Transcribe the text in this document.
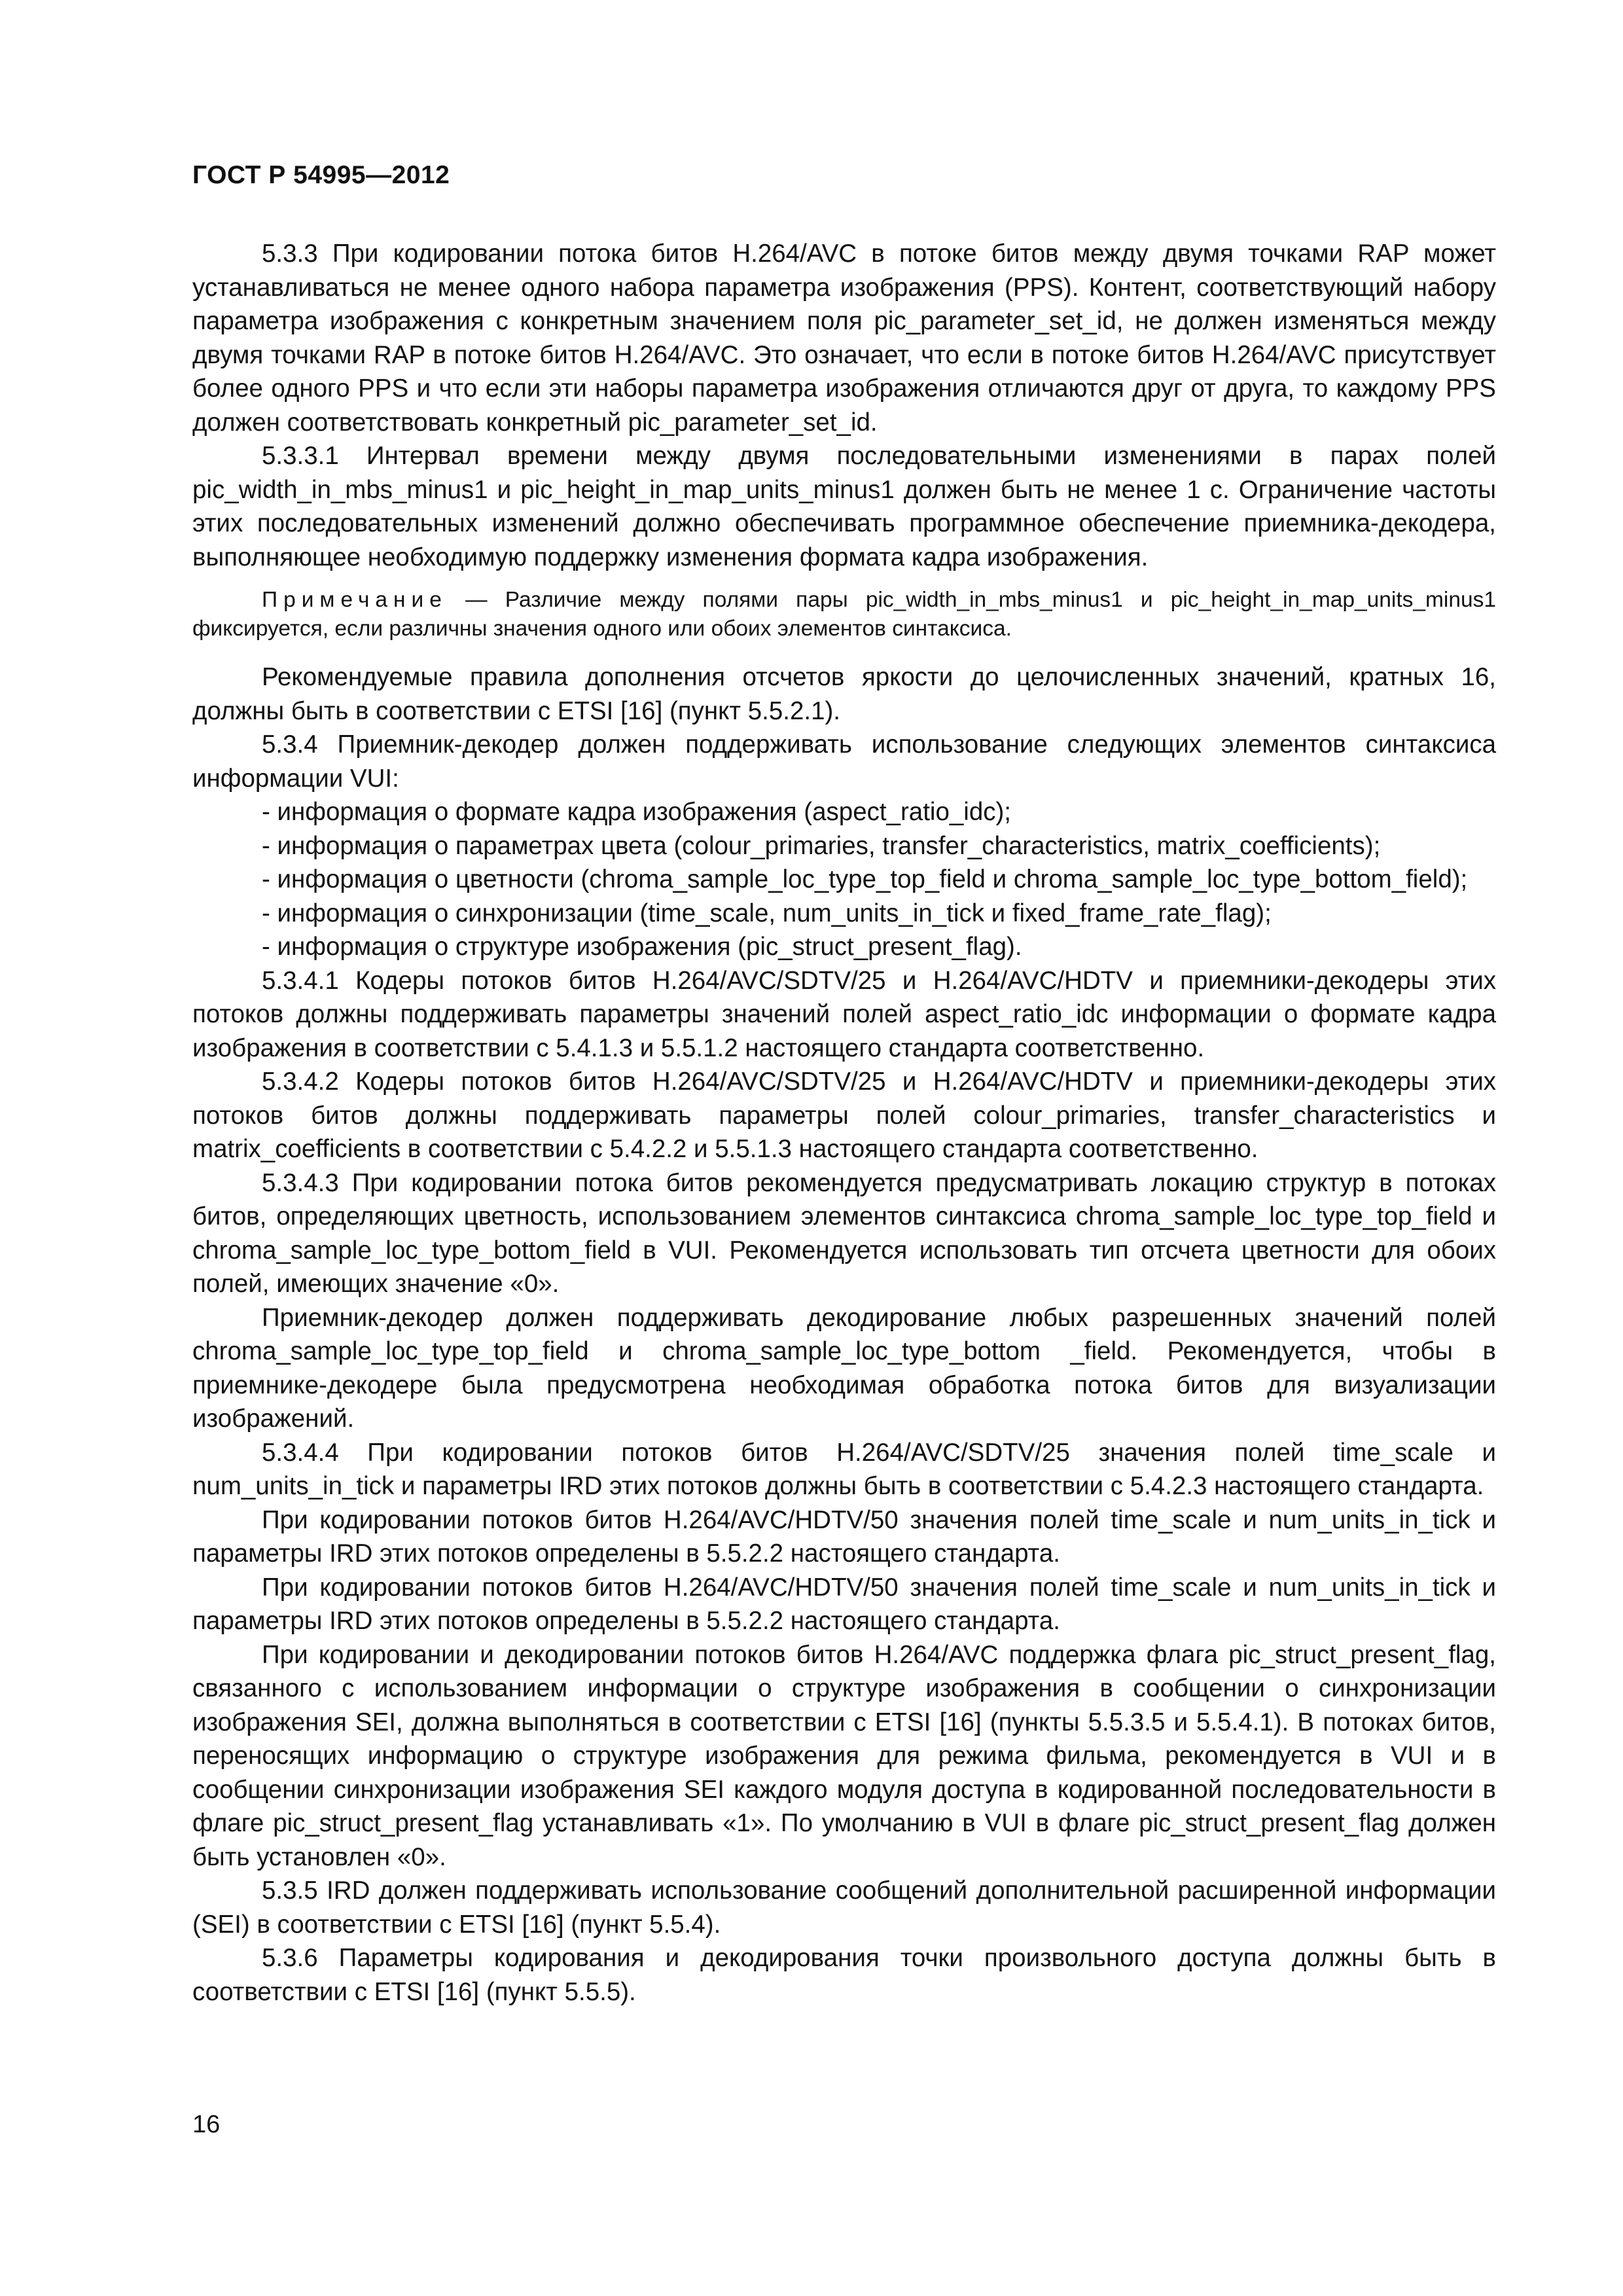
ГОСТ Р 54995—2012

5.3.3 При кодировании потока битов H.264/AVC в потоке битов между двумя точками RAP может устанавливаться не менее одного набора параметра изображения (PPS). Контент, соответствующий набору параметра изображения с конкретным значением поля pic_parameter_set_id, не должен изменяться между двумя точками RAP в потоке битов H.264/AVC. Это означает, что если в потоке битов H.264/AVC присутствует более одного PPS и что если эти наборы параметра изображения отличаются друг от друга, то каждому PPS должен соответствовать конкретный pic_parameter_set_id.

5.3.3.1 Интервал времени между двумя последовательными изменениями в парах полей pic_width_in_mbs_minus1 и pic_height_in_map_units_minus1 должен быть не менее 1 с. Ограничение частоты этих последовательных изменений должно обеспечивать программное обеспечение приемника-декодера, выполняющее необходимую поддержку изменения формата кадра изображения.

Примечание — Различие между полями пары pic_width_in_mbs_minus1 и pic_height_in_map_units_minus1 фиксируется, если различны значения одного или обоих элементов синтаксиса.

Рекомендуемые правила дополнения отсчетов яркости до целочисленных значений, кратных 16, должны быть в соответствии с ETSI [16] (пункт 5.5.2.1).

5.3.4 Приемник-декодер должен поддерживать использование следующих элементов синтаксиса информации VUI:

- информация о формате кадра изображения (aspect_ratio_idc);

- информация о параметрах цвета (colour_primaries, transfer_characteristics, matrix_coefficients);

- информация о цветности (chroma_sample_loc_type_top_field и chroma_sample_loc_type_bottom_field);

- информация о синхронизации (time_scale, num_units_in_tick и fixed_frame_rate_flag);

- информация о структуре изображения (pic_struct_present_flag).

5.3.4.1 Кодеры потоков битов H.264/AVC/SDTV/25 и H.264/AVC/HDTV и приемники-декодеры этих потоков должны поддерживать параметры значений полей aspect_ratio_idc информации о формате кадра изображения в соответствии с 5.4.1.3 и 5.5.1.2 настоящего стандарта соответственно.

5.3.4.2 Кодеры потоков битов H.264/AVC/SDTV/25 и H.264/AVC/HDTV и приемники-декодеры этих потоков битов должны поддерживать параметры полей colour_primaries, transfer_characteristics и matrix_coefficients в соответствии с 5.4.2.2 и 5.5.1.3 настоящего стандарта соответственно.

5.3.4.3 При кодировании потока битов рекомендуется предусматривать локацию структур в потоках битов, определяющих цветность, использованием элементов синтаксиса chroma_sample_loc_type_top_field и chroma_sample_loc_type_bottom_field в VUI. Рекомендуется использовать тип отсчета цветности для обоих полей, имеющих значение «0».

Приемник-декодер должен поддерживать декодирование любых разрешенных значений полей chroma_sample_loc_type_top_field и chroma_sample_loc_type_bottom _field. Рекомендуется, чтобы в приемнике-декодере была предусмотрена необходимая обработка потока битов для визуализации изображений.

5.3.4.4 При кодировании потоков битов H.264/AVC/SDTV/25 значения полей time_scale и num_units_in_tick и параметры IRD этих потоков должны быть в соответствии с 5.4.2.3 настоящего стандарта.

При кодировании потоков битов H.264/AVC/HDTV/50 значения полей time_scale и num_units_in_tick и параметры IRD этих потоков определены в 5.5.2.2 настоящего стандарта.

При кодировании потоков битов H.264/AVC/HDTV/50 значения полей time_scale и num_units_in_tick и параметры IRD этих потоков определены в 5.5.2.2 настоящего стандарта.

При кодировании и декодировании потоков битов H.264/AVC поддержка флага pic_struct_present_flag, связанного с использованием информации о структуре изображения в сообщении о синхронизации изображения SEI, должна выполняться в соответствии с ETSI [16] (пункты 5.5.3.5 и 5.5.4.1). В потоках битов, переносящих информацию о структуре изображения для режима фильма, рекомендуется в VUI и в сообщении синхронизации изображения SEI каждого модуля доступа в кодированной последовательности в флаге pic_struct_present_flag устанавливать «1». По умолчанию в VUI в флаге pic_struct_present_flag должен быть установлен «0».

5.3.5 IRD должен поддерживать использование сообщений дополнительной расширенной информации (SEI) в соответствии с ETSI [16] (пункт 5.5.4).

5.3.6 Параметры кодирования и декодирования точки произвольного доступа должны быть в соответствии с ETSI [16] (пункт 5.5.5).

16
